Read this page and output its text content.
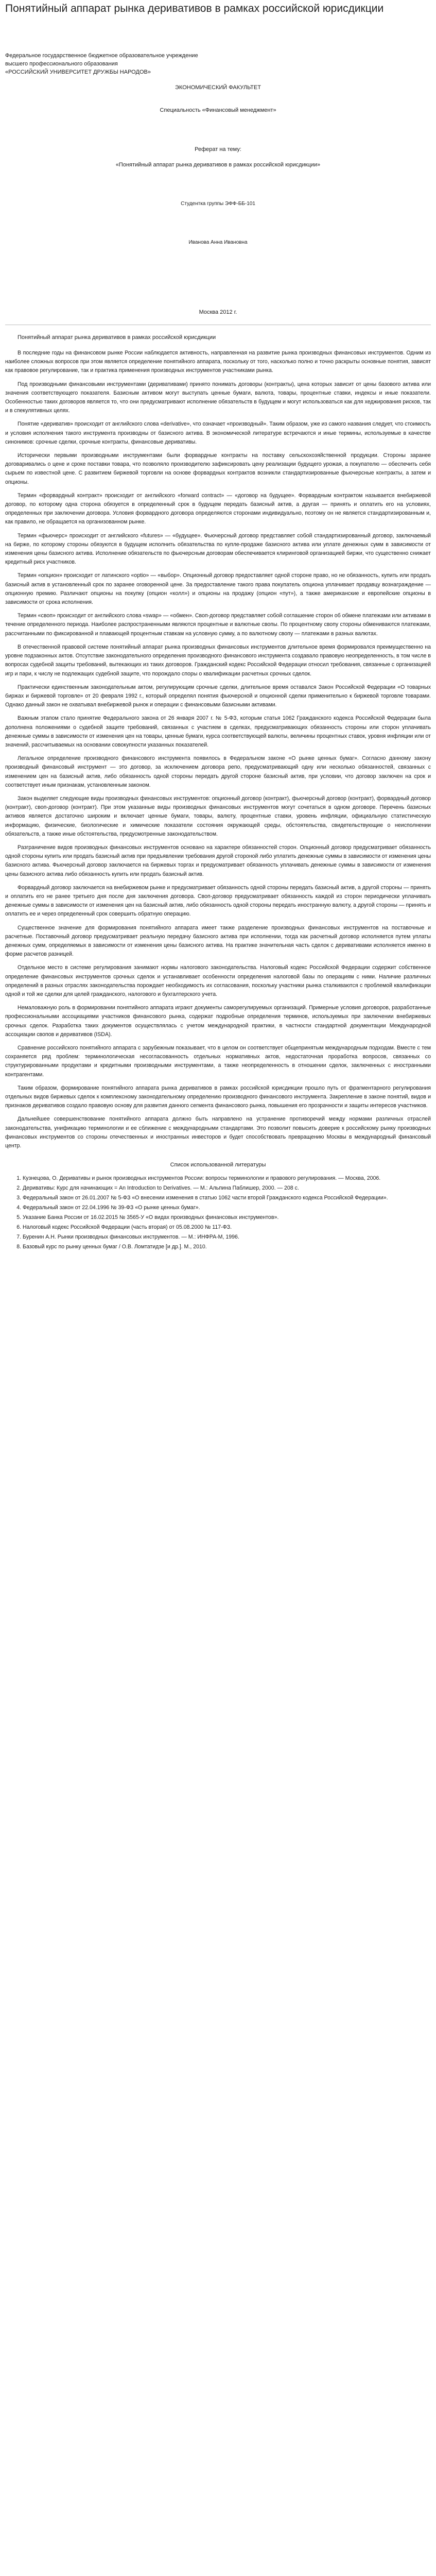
Понятийный аппарат рынка деривативов в рамках российской юрисдикции

Федеральное государственное бюджетное образовательное учреждение

высшего профессионального образования

«РОССИЙСКИЙ УНИВЕРСИТЕТ ДРУЖБЫ НАРОДОВ»

ЭКОНОМИЧЕСКИЙ ФАКУЛЬТЕТ

Специальность «Финансовый менеджмент»

Реферат на тему:

«Понятийный аппарат рынка деривативов в рамках российской юрисдикции»

Студентка группы ЭФФ-ББ-101

Иванова Анна Ивановна

Москва 2012 г.

Понятийный аппарат рынка деривативов в рамках российской юрисдикции

В последние годы на финансовом рынке России наблюдается активность, направленная на развитие рынка производных финансовых инструментов. Одним из наиболее сложных вопросов при этом является определение понятийного аппарата, поскольку от того, насколько полно и точно раскрыты основные понятия, зависят как правовое регулирование, так и практика применения производных инструментов участниками рынка.

Под производными финансовыми инструментами (деривативами) принято понимать договоры (контракты), цена которых зависит от цены базового актива или значения соответствующего показателя. Базисным активом могут выступать ценные бумаги, валюта, товары, процентные ставки, индексы и иные показатели. Особенностью таких договоров является то, что они предусматривают исполнение обязательств в будущем и могут использоваться как для хеджирования рисков, так и в спекулятивных целях.

Понятие «дериватив» происходит от английского слова «derivative», что означает «производный». Таким образом, уже из самого названия следует, что стоимость и условия исполнения такого инструмента производны от базисного актива. В экономической литературе встречаются и иные термины, используемые в качестве синонимов: срочные сделки, срочные контракты, финансовые деривативы.

Исторически первыми производными инструментами были форвардные контракты на поставку сельскохозяйственной продукции. Стороны заранее договаривались о цене и сроке поставки товара, что позволяло производителю зафиксировать цену реализации будущего урожая, а покупателю — обеспечить себя сырьем по известной цене. С развитием биржевой торговли на основе форвардных контрактов возникли стандартизированные фьючерсные контракты, а затем и опционы.

Термин «форвардный контракт» происходит от английского «forward contract» — «договор на будущее». Форвардным контрактом называется внебиржевой договор, по которому одна сторона обязуется в определенный срок в будущем передать базисный актив, а другая — принять и оплатить его на условиях, определенных при заключении договора. Условия форвардного договора определяются сторонами индивидуально, поэтому он не является стандартизированным и, как правило, не обращается на организованном рынке.

Термин «фьючерс» происходит от английского «futures» — «будущее». Фьючерсный договор представляет собой стандартизированный договор, заключаемый на бирже, по которому стороны обязуются в будущем исполнить обязательства по купле-продаже базисного актива или уплате денежных сумм в зависимости от изменения цены базисного актива. Исполнение обязательств по фьючерсным договорам обеспечивается клиринговой организацией биржи, что существенно снижает кредитный риск участников.

Термин «опцион» происходит от латинского «optio» — «выбор». Опционный договор предоставляет одной стороне право, но не обязанность, купить или продать базисный актив в установленный срок по заранее оговоренной цене. За предоставление такого права покупатель опциона уплачивает продавцу вознаграждение — опционную премию. Различают опционы на покупку (опцион «колл») и опционы на продажу (опцион «пут»), а также американские и европейские опционы в зависимости от срока исполнения.

Термин «своп» происходит от английского слова «swap» — «обмен». Своп-договор представляет собой соглашение сторон об обмене платежами или активами в течение определенного периода. Наиболее распространенными являются процентные и валютные свопы. По процентному свопу стороны обмениваются платежами, рассчитанными по фиксированной и плавающей процентным ставкам на условную сумму, а по валютному свопу — платежами в разных валютах.

В отечественной правовой системе понятийный аппарат рынка производных финансовых инструментов длительное время формировался преимущественно на уровне подзаконных актов. Отсутствие законодательного определения производного финансового инструмента создавало правовую неопределенность, в том числе в вопросах судебной защиты требований, вытекающих из таких договоров. Гражданский кодекс Российской Федерации относил требования, связанные с организацией игр и пари, к числу не подлежащих судебной защите, что порождало споры о квалификации расчетных срочных сделок.

Практически единственным законодательным актом, регулирующим срочные сделки, длительное время оставался Закон Российской Федерации «О товарных биржах и биржевой торговле» от 20 февраля 1992 г., который определял понятия фьючерсной и опционной сделки применительно к биржевой торговле товарами. Однако данный закон не охватывал внебиржевой рынок и операции с финансовыми базисными активами.

Важным этапом стало принятие Федерального закона от 26 января 2007 г. № 5-ФЗ, которым статья 1062 Гражданского кодекса Российской Федерации была дополнена положениями о судебной защите требований, связанных с участием в сделках, предусматривающих обязанность стороны или сторон уплачивать денежные суммы в зависимости от изменения цен на товары, ценные бумаги, курса соответствующей валюты, величины процентных ставок, уровня инфляции или от значений, рассчитываемых на основании совокупности указанных показателей.

Легальное определение производного финансового инструмента появилось в Федеральном законе «О рынке ценных бумаг». Согласно данному закону производный финансовый инструмент — это договор, за исключением договора репо, предусматривающий одну или несколько обязанностей, связанных с изменением цен на базисный актив, либо обязанность одной стороны передать другой стороне базисный актив, при условии, что договор заключен на срок и соответствует иным признакам, установленным законом.

Закон выделяет следующие виды производных финансовых инструментов: опционный договор (контракт), фьючерсный договор (контракт), форвардный договор (контракт), своп-договор (контракт). При этом указанные виды производных финансовых инструментов могут сочетаться в одном договоре. Перечень базисных активов является достаточно широким и включает ценные бумаги, товары, валюту, процентные ставки, уровень инфляции, официальную статистическую информацию, физические, биологические и химические показатели состояния окружающей среды, обстоятельства, свидетельствующие о неисполнении обязательств, а также иные обстоятельства, предусмотренные законодательством.

Разграничение видов производных финансовых инструментов основано на характере обязанностей сторон. Опционный договор предусматривает обязанность одной стороны купить или продать базисный актив при предъявлении требования другой стороной либо уплатить денежные суммы в зависимости от изменения цены базисного актива. Фьючерсный договор заключается на биржевых торгах и предусматривает обязанность уплачивать денежные суммы в зависимости от изменения цены базисного актива либо обязанность купить или продать базисный актив.

Форвардный договор заключается на внебиржевом рынке и предусматривает обязанность одной стороны передать базисный актив, а другой стороны — принять и оплатить его не ранее третьего дня после дня заключения договора. Своп-договор предусматривает обязанность каждой из сторон периодически уплачивать денежные суммы в зависимости от изменения цен на базисный актив, либо обязанность одной стороны передать иностранную валюту, а другой стороны — принять и оплатить ее и через определенный срок совершить обратную операцию.

Существенное значение для формирования понятийного аппарата имеет также разделение производных финансовых инструментов на поставочные и расчетные. Поставочный договор предусматривает реальную передачу базисного актива при исполнении, тогда как расчетный договор исполняется путем уплаты денежных сумм, определяемых в зависимости от изменения цены базисного актива. На практике значительная часть сделок с деривативами исполняется именно в форме расчетов разницей.

Отдельное место в системе регулирования занимают нормы налогового законодательства. Налоговый кодекс Российской Федерации содержит собственное определение финансовых инструментов срочных сделок и устанавливает особенности определения налоговой базы по операциям с ними. Наличие различных определений в разных отраслях законодательства порождает необходимость их согласования, поскольку участники рынка сталкиваются с проблемой квалификации одной и той же сделки для целей гражданского, налогового и бухгалтерского учета.

Немаловажную роль в формировании понятийного аппарата играют документы саморегулируемых организаций. Примерные условия договоров, разработанные профессиональными ассоциациями участников финансового рынка, содержат подробные определения терминов, используемых при заключении внебиржевых срочных сделок. Разработка таких документов осуществлялась с учетом международной практики, в частности стандартной документации Международной ассоциации свопов и деривативов (ISDA).

Сравнение российского понятийного аппарата с зарубежным показывает, что в целом он соответствует общепринятым международным подходам. Вместе с тем сохраняется ряд проблем: терминологическая несогласованность отдельных нормативных актов, недостаточная проработка вопросов, связанных со структурированными продуктами и кредитными производными инструментами, а также неопределенность в отношении сделок, заключенных с иностранными контрагентами.

Таким образом, формирование понятийного аппарата рынка деривативов в рамках российской юрисдикции прошло путь от фрагментарного регулирования отдельных видов биржевых сделок к комплексному законодательному определению производного финансового инструмента. Закрепление в законе понятий, видов и признаков деривативов создало правовую основу для развития данного сегмента финансового рынка, повышения его прозрачности и защиты интересов участников.

Дальнейшее совершенствование понятийного аппарата должно быть направлено на устранение противоречий между нормами различных отраслей законодательства, унификацию терминологии и ее сближение с международными стандартами. Это позволит повысить доверие к российскому рынку производных финансовых инструментов со стороны отечественных и иностранных инвесторов и будет способствовать превращению Москвы в международный финансовый центр.

Список использованной литературы
1. Кузнецова, О. Деривативы и рынок производных инструментов России: вопросы терминологии и правового регулирования. — Москва, 2006.
2. Деривативы: Курс для начинающих = An Introduction to Derivatives. — М.: Альпина Паблишер, 2000. — 208 с.
3. Федеральный закон от 26.01.2007 № 5-ФЗ «О внесении изменения в статью 1062 части второй Гражданского кодекса Российской Федерации».
4. Федеральный закон от 22.04.1996 № 39-ФЗ «О рынке ценных бумаг».
5. Указание Банка России от 16.02.2015 № 3565-У «О видах производных финансовых инструментов».
6. Налоговый кодекс Российской Федерации (часть вторая) от 05.08.2000 № 117-ФЗ.
7. Буренин А.Н. Рынки производных финансовых инструментов. — М.: ИНФРА-М, 1996.
8. Базовый курс по рынку ценных бумаг / О.В. Ломтатидзе [и др.]. М., 2010.
